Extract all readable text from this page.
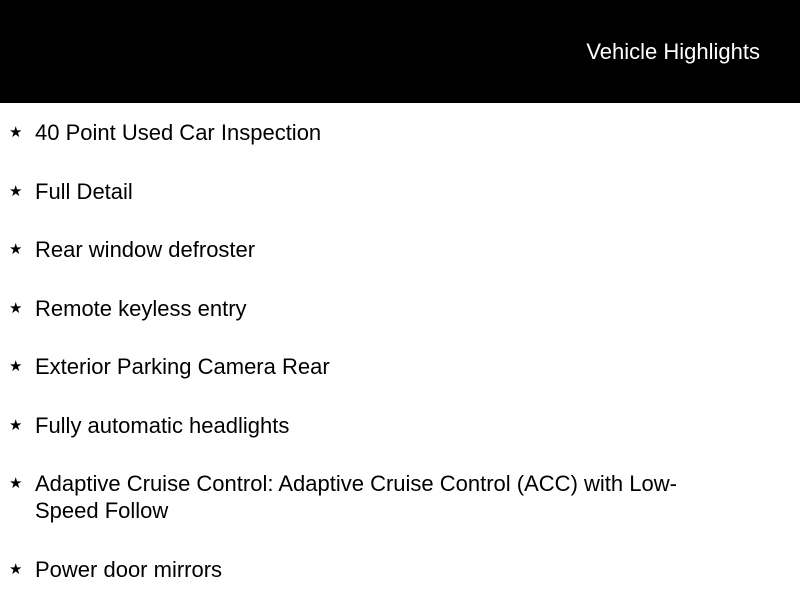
Vehicle Highlights
★ 40 Point Used Car Inspection
★ Full Detail
★ Rear window defroster
★ Remote keyless entry
★ Exterior Parking Camera Rear
★ Fully automatic headlights
★ Adaptive Cruise Control: Adaptive Cruise Control (ACC) with Low-Speed Follow
★ Power door mirrors
